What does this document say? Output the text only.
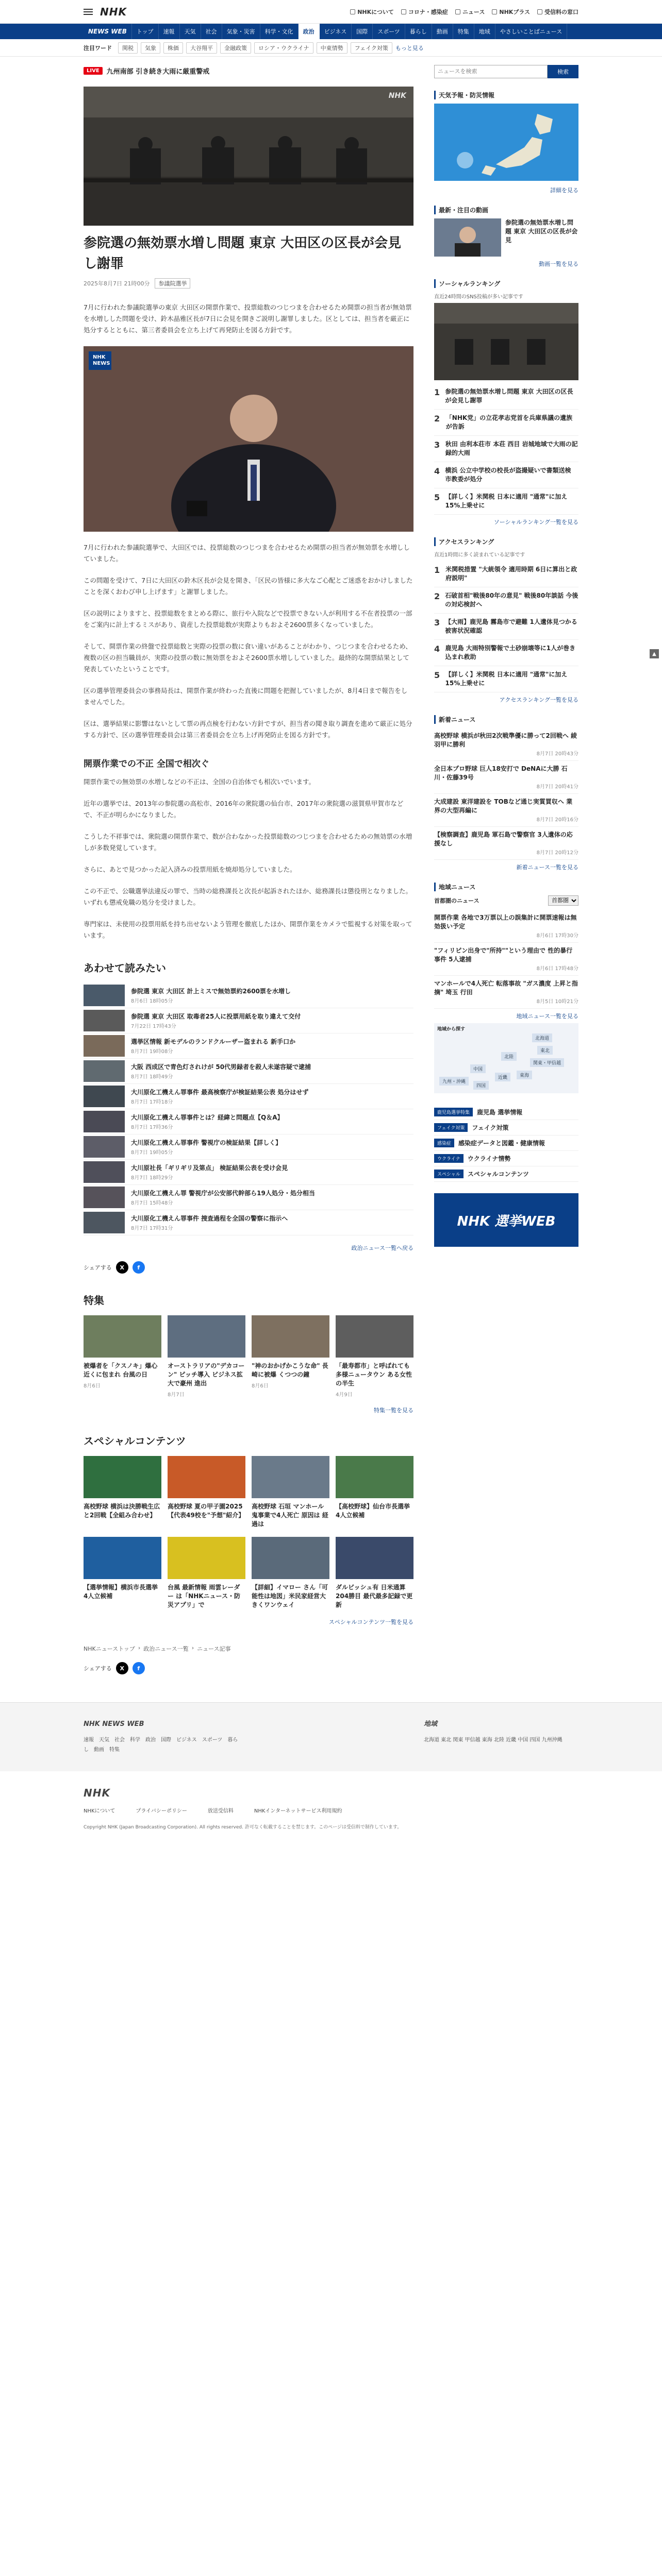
NHK	NHKについて	コロナ・感染症	ニュース	NHKプラス	受信料の窓口
NEWS WEB	トップ	速報	天気	社会	気象・災害	科学・文化	政治	ビジネス	国際	スポーツ	暮らし	動画	特集	地域	やさしいことばニュース
注目ワード	関税	気象	株価	大谷翔平	金融政策	ロシア・ウクライナ	中東情勢	フェイク対策	もっと見る
LIVE	九州南部 引き続き大雨に厳重警戒
NHK
参院選の無効票水増し問題 東京 大田区の区長が会見し謝罪
2025年8月7日 21時00分	参議院選挙
7月に行われた参議院選挙の東京 大田区の開票作業で、投票総数のつじつまを合わせるため開票の担当者が無効票を水増しした問題を受け、鈴木晶雅区長が7日に会見を開きご説明し謝罪しました。区としては、担当者を厳正に処分するとともに、第三者委員会を立ち上げて再発防止を図る方針です。
NHK NEWS
7月に行われた参議院選挙で、大田区では、投票総数のつじつまを合わせるため開票の担当者が無効票を水増ししていました。
この問題を受けて、7日に大田区の鈴木区長が会見を開き、「区民の皆様に多大なご心配とご迷惑をおかけしましたことを深くおわび申し上げます」と謝罪しました。
区の説明によりますと、投票総数をまとめる際に、旅行や入院などで投票できない人が利用する不在者投票の一部をご案内に計上するミスがあり、資産した投票総数が実際よりもおよそ2600票多くなっていました。
そして、開票作業の終盤で投票総数と実際の投票の数に食い違いがあることがわかり、つじつまを合わせるため、複数の区の担当職員が、実際の投票の数に無効票をおよそ2600票水増ししていました。最終的な開票結果として発表していたということです。
区の選挙管理委員会の事務局長は、開票作業が終わった直後に問題を把握していましたが、8月4日まで報告をしませんでした。
区は、選挙結果に影響はないとして票の再点検を行わない方針ですが、担当者の聞き取り調査を進めて厳正に処分する方針で、区の選挙管理委員会は第三者委員会を立ち上げ再発防止を図る方針です。
開票作業での不正 全国で相次ぐ
開票作業での無効票の水増しなどの不正は、全国の自治体でも相次いでいます。
近年の選挙では、2013年の参院選の高松市、2016年の衆院選の仙台市、2017年の衆院選の滋賀県甲賀市などで、不正が明らかになりました。
こうした不祥事では、衆院選の開票作業で、数が合わなかった投票総数のつじつまを合わせるための無効票の水増しが多数発覚しています。
さらに、あとで見つかった記入済みの投票用紙を焼却処分していました。
この不正で、公職選挙法違反の罪で、当時の総務課長と次長が起訴されたほか、総務課長は懲役刑となりました。いずれも懲戒免職の処分を受けました。
専門家は、未使用の投票用紙を持ち出せないよう管理を徹底したほか、開票作業をカメラで監視する対策を取っています。
あわせて読みたい
参院選 東京 大田区 計上ミスで無効票約2600票を水増し
8月6日 18時05分
参院選 東京 大田区 取毒者25人に投票用紙を取り違えて交付
7月22日 17時43分
選挙区情報 新モデルのランドクルーザー盗まれる 新手口か
8月7日 19時08分
大阪 西成区で青色灯されけが 50代男録者を殺人未遂容疑で逮捕
8月7日 18時49分
大川原化工機えん罪事件 最高検察庁が検証結果公表 処分はせず
8月7日 17時18分
大川原化工機えん罪事件とは？経緯と問題点【Q＆A】
8月7日 17時36分
大川原化工機えん罪事件 警視庁の検証結果【詳しく】
8月7日 19時05分
大川原社長「ギリギリ及第点」 検証結果公表を受け会見
8月7日 18時29分
大川原化工機えん罪 警視庁が公安部代幹部ら19人処分・処分相当
8月7日 15時48分
大川原化工機えん罪事件 捜査過程を全国の警察に指示へ
8月7日 17時31分
政治ニュース一覧へ戻る
シェアする	X	f
特集
被爆者を「クスノキ」爆心近くに包まれ 台風の日
8月6日
オーストラリアの"デカコーン" ピッチ導入 ビジネス拡大で豪州 進出
8月7日
"神のおかげかこうな命" 長崎に被爆 くつつの鐘
8月6日
「最寿都市」と呼ばれても 多様ニュータウン ある女性の半生
4月9日
特集一覧を見る
スペシャルコンテンツ
高校野球 横浜は決勝戦生広と2回戦【全組み合わせ】
高校野球 夏の甲子園2025 【代表49校を"予想"紹介】
高校野球 石垣 マンホール鬼事業で4人死亡 原因は 経過は
【高校野球】仙台市長選挙 4人立候補
【選挙情報】横浜市長選挙 4人立候補
台風 最新情報 雨雲レーダー は「NHKニュース・防災アプリ」で
【詳細】イマロー さん「可能性は地図」米民家経営大きくワンウェイ
ダルビッシュ有 日米通算204勝目 最代最多記録で更新
スペシャルコンテンツ一覧を見る
NHKニューストップ › 政治ニュース一覧 › ニュース記事
シェアする	X	f
ニュースを検索
検索
天気予報・防災情報
詳細を見る
最新・注目の動画
参院選の無効票水増し問題 東京 大田区の区長が会見
動画一覧を見る
ソーシャルランキング
直近24時間のSNS投稿が多い記事です
1 参院選の無効票水増し問題 東京 大田区の区長が会見し謝罪
2 「NHK党」の立花孝志党首を兵庫県議の遺族が告訴
3 秋田 由利本荘市 本荘 西目 岩城地域で大雨の記録的大雨
4 横浜 公立中学校の校長が盗撮疑いで書類送検 市教委が処分
5 【詳しく】米関税 日本に適用 "通常"に加え15%上乗せに
ソーシャルランキング一覧を見る
アクセスランキング
直近1時間に多く読まれている記事です
1 米関税措置 "大統領令 適用時期 6日に算出と政府説明"
2 石破首相"戦後80年の意見" 戦後80年談話 今後の対応検討へ
3 【大雨】鹿児島 霧島市で避難 1人遺体見つかる 被害状況確認
4 鹿児島 大雨特別警報で土砂崩壊等に1人が巻き込まれ救助
5 【詳しく】米関税 日本に適用 "通常"に加え15%上乗せに
アクセスランキング一覧を見る
新着ニュース
高校野球 横浜が秋田2次戦準優に勝って2回戦へ 綾羽甲に勝利
8月7日 20時43分
全日本プロ野球 巨人18安打で DeNAに大勝 石川・佐藤39号
8月7日 20時41分
大成建設 東洋建設を TOBなど通じ実質買収へ 業界の大型再編に
8月7日 20時16分
【検察調査】鹿児島 軍石島で警察官 3人遺体の応援なし
8月7日 20時12分
新着ニュース一覧を見る
地域ニュース
首都圏のニュース
首都圏
開票作業 各地で3万票以上の誤集計に開票速報は無効扱い予定
8月6日 17時30分
"フィリピン出身で"所持""という理由で 性的暴行事件 5人逮捕
8月6日 17時48分
マンホールで4人死亡 転落事故 "ガス濃度 上昇と指摘" 埼玉 行田
8月5日 10時21分
地域ニュース一覧を見る
地域から探す
北海道
東北
関東・甲信越
東海
北陸
近畿
中国
四国
九州・沖縄
鹿児島選挙特集	鹿児島 選挙情報
フェイク対策	フェイク対策
感染症	感染症データと図鑑・健康情報
ウクライナ	ウクライナ情勢
スペシャル	スペシャルコンテンツ
NHK 選挙WEB
▲
NHK NEWS WEB
速報 天気 社会 科学 政治 国際 ビジネス スポーツ 暮らし 動画 特集
地域
北海道 東北 関東 甲信越 東海 北陸 近畿 中国 四国 九州沖縄
NHK
NHKについて	プライバシーポリシー	放送受信料	NHKインターネットサービス利用規約
Copyright NHK (Japan Broadcasting Corporation). All rights reserved. 許可なく転載することを禁じます。このページは受信料で制作しています。
